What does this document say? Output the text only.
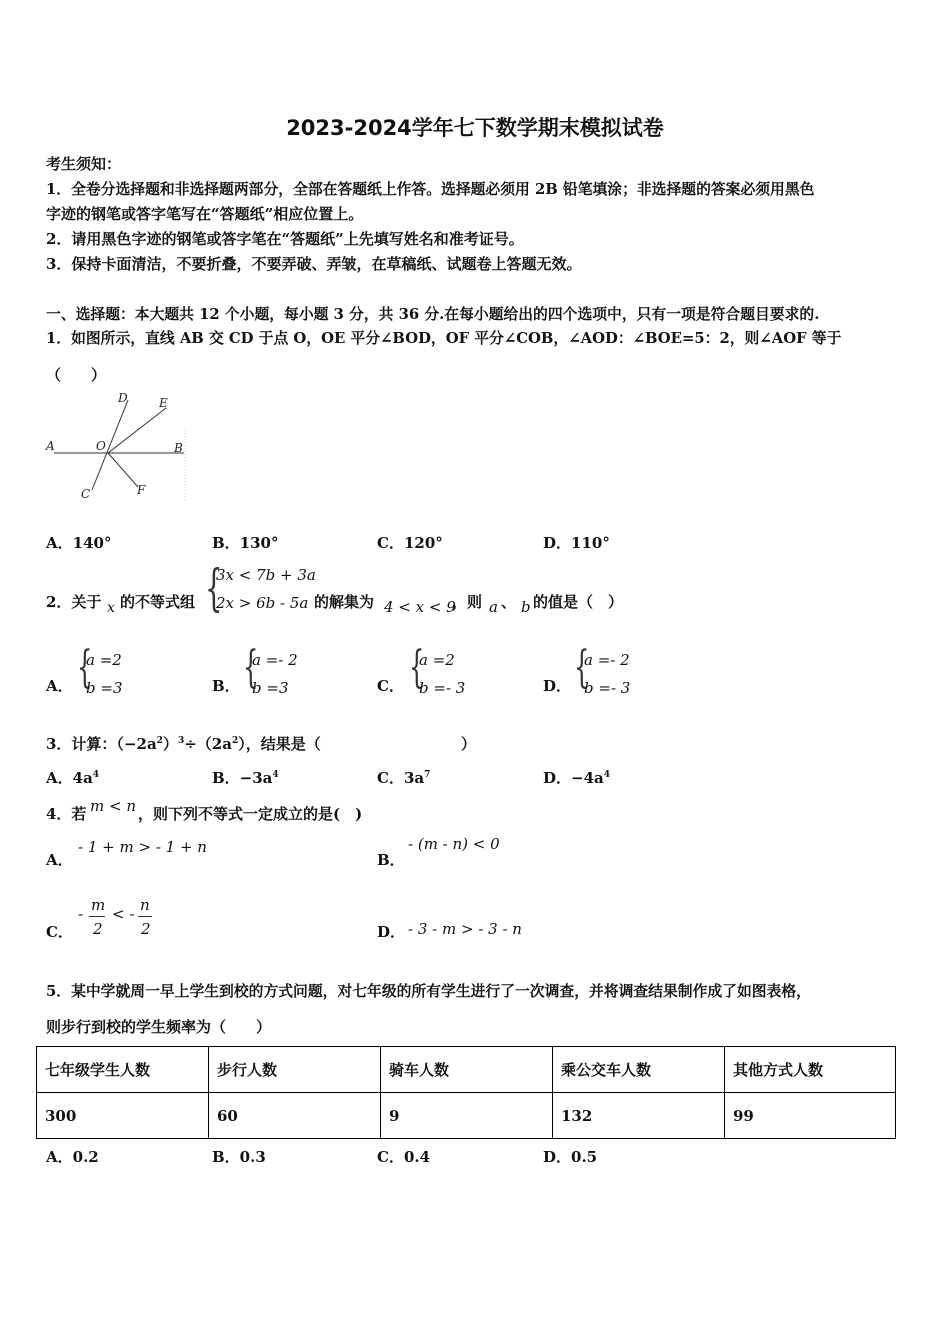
2023-2024学年七下数学期末模拟试卷
考生须知：
1．全卷分选择题和非选择题两部分，全部在答题纸上作答。选择题必须用 2B 铅笔填涂；非选择题的答案必须用黑色
字迹的钢笔或答字笔写在“答题纸”相应位置上。
2．请用黑色字迹的钢笔或答字笔在“答题纸”上先填写姓名和准考证号。
3．保持卡面清洁，不要折叠，不要弄破、弄皱，在草稿纸、试题卷上答题无效。
一、选择题：本大题共 12 个小题，每小题 3 分，共 36 分.在每小题给出的四个选项中，只有一项是符合题目要求的.
1．如图所示，直线 AB 交 CD 于点 O，OE 平分∠BOD，OF 平分∠COB，∠AOD：∠BOE=5：2，则∠AOF 等于
（　　）
A	B
C
D	E
F
O
A．140°	B．130°	C．120°	D．110°
2．关于 x 的不等式组 {
3x < 7b + 3a
2x > 6b - 5a 的解集为 4 < x < 9
，则 a 、 b 的值是（　）
A． {
a =2
b =3	B． {
a =- 2
b =3	C． {
a =2
b =- 3	D． {
a =- 2
b =- 3
3．计算：$(-2a^2)^3\div(2a^2)$，结果是（	）
A．$4a^4$	B．$-3a^4$	C．$3a^7$	D．$-4a^4$
4．若 m < n ，则下列不等式一定成立的是(　)
A．
- 1 + m > - 1 + n
B．
- (m - n) < 0
C．
- m
2
< - n
2	D． - 3 - m > - 3 - n
5．某中学就周一早上学生到校的方式问题，对七年级的所有学生进行了一次调查，并将调查结果制作成了如图表格，
则步行到校的学生频率为（　　）
七年级学生人数	步行人数	骑车人数	乘公交车人数	其他方式人数
300	60	9	132	99
A．0.2	B．0.3	C．0.4	D．0.5
